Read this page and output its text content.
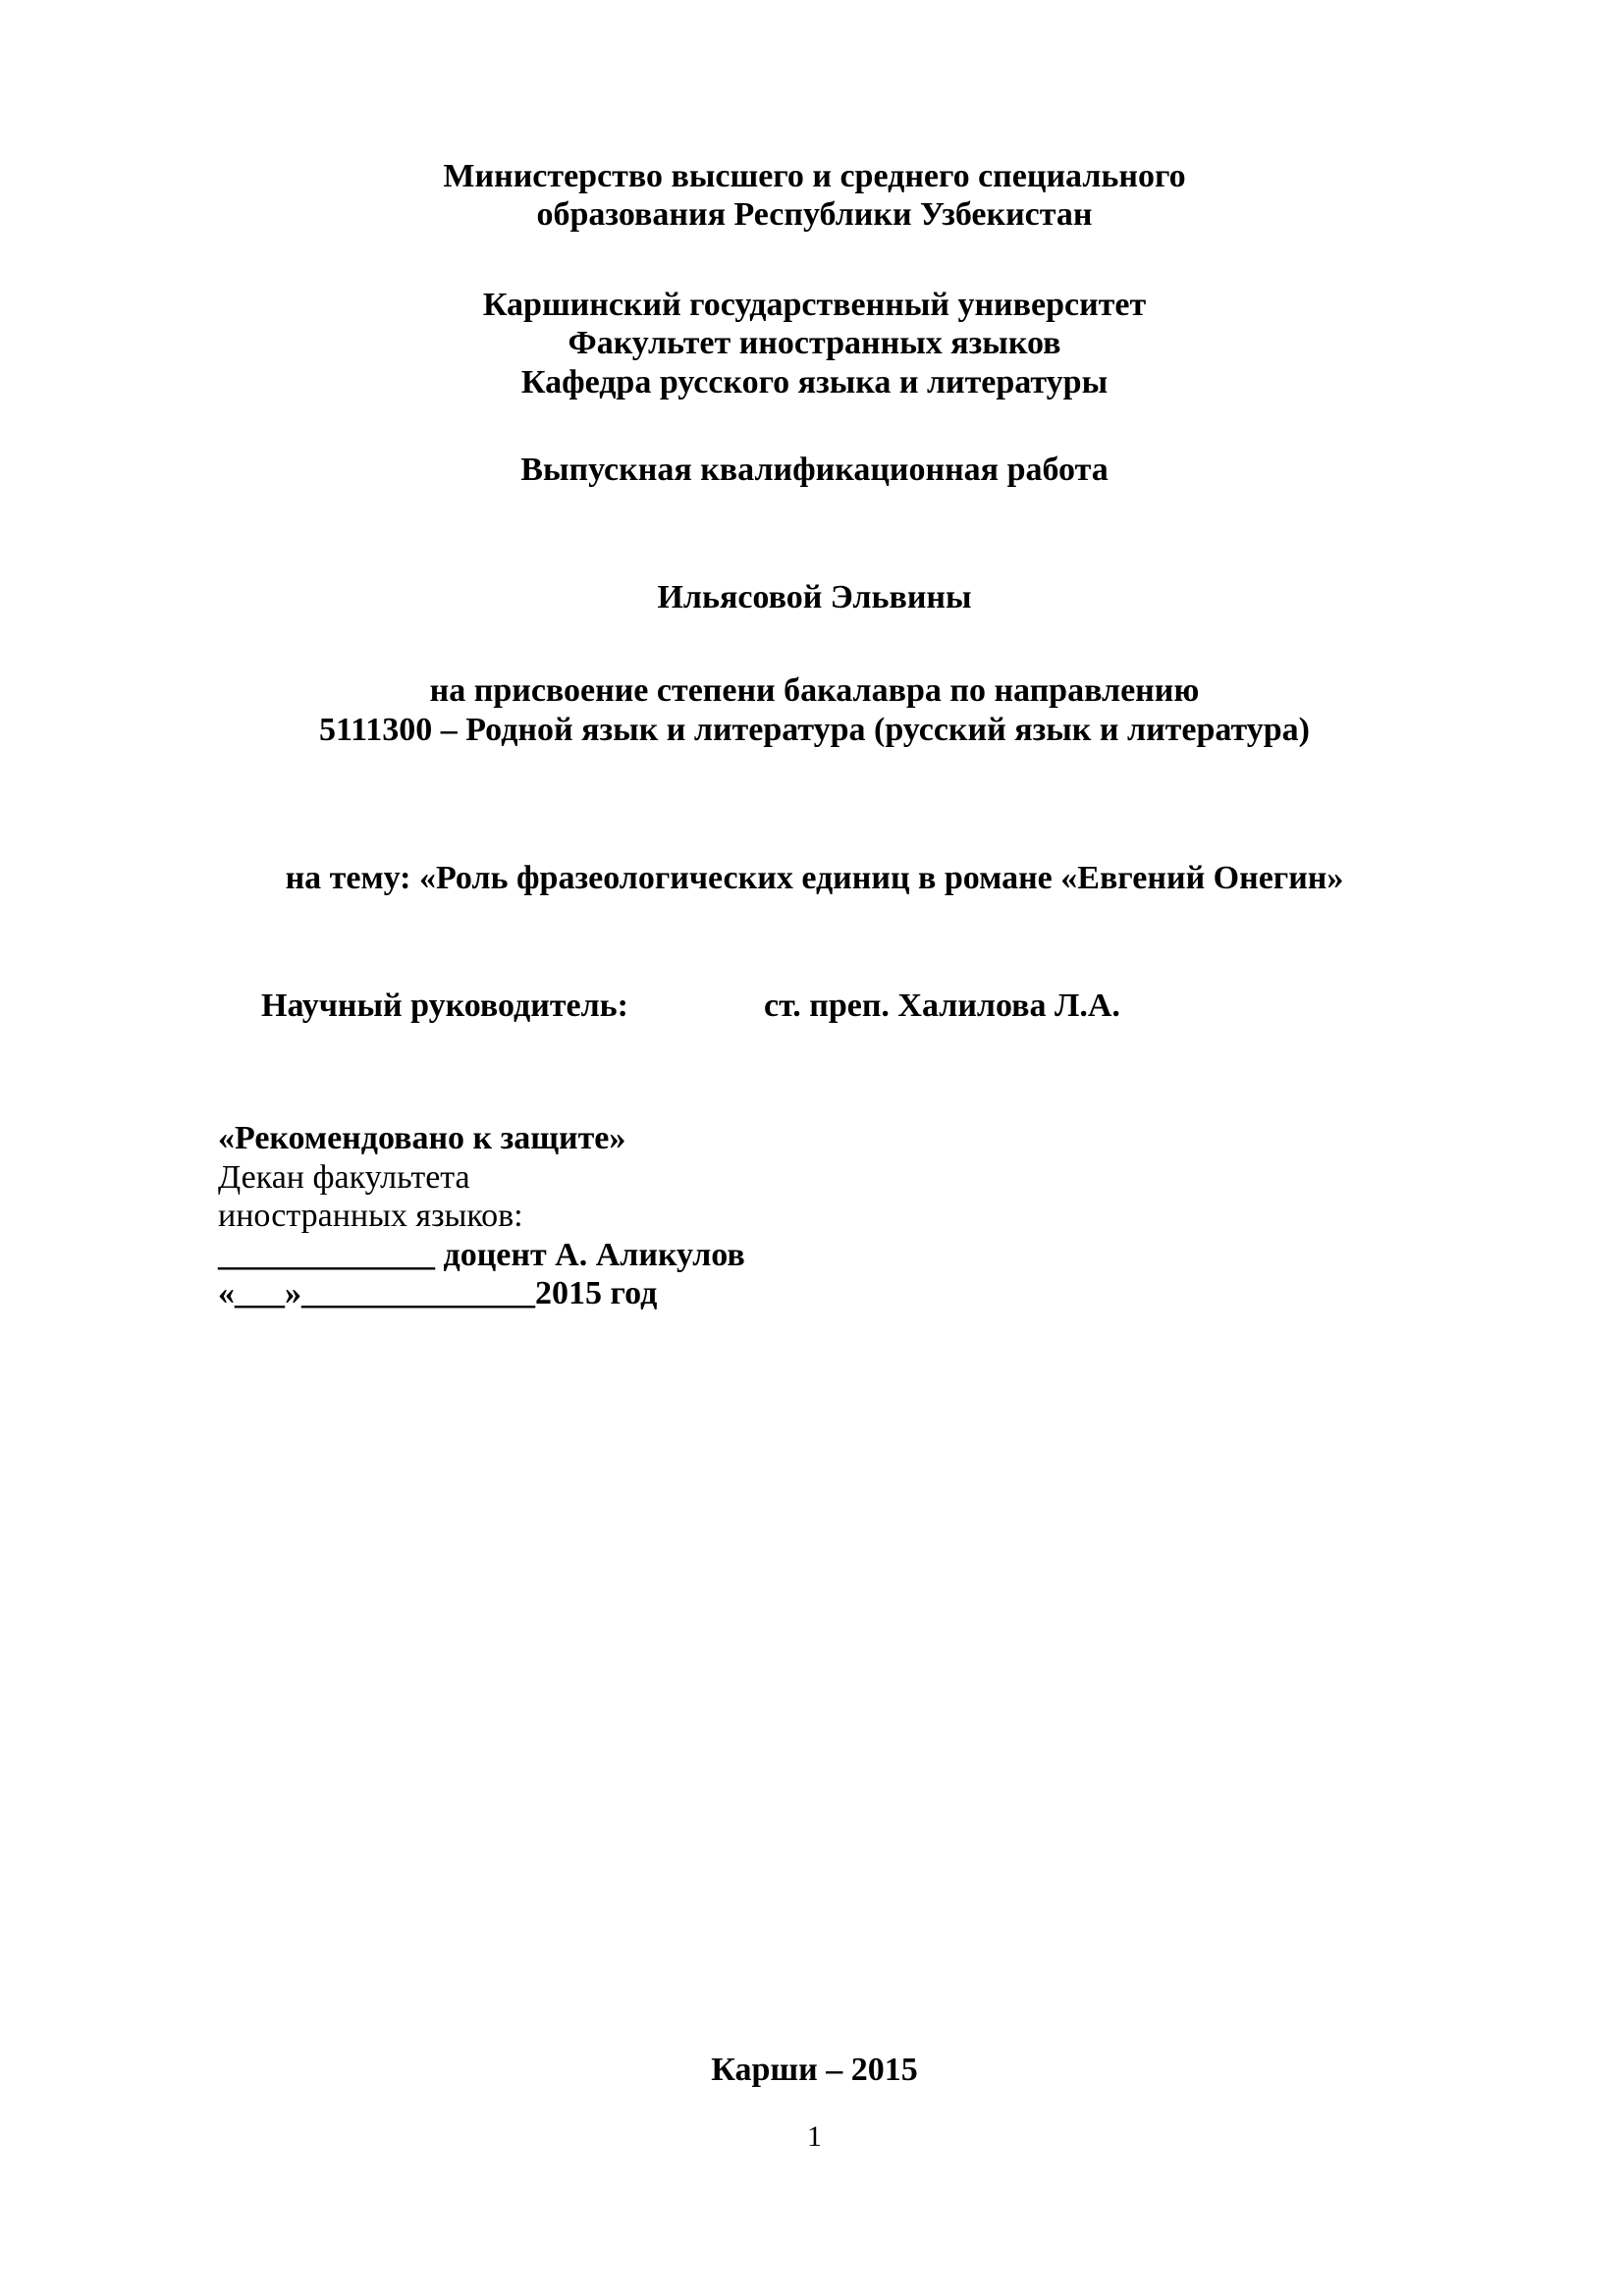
Министерство высшего и среднего специального
образования Республики Узбекистан
Каршинский государственный университет
Факультет иностранных языков
Кафедра русского языка и литературы
Выпускная квалификационная работа
Ильясовой Эльвины
на присвоение степени бакалавра по направлению
5111300 – Родной язык и литература (русский язык и литература)
на тему: «Роль фразеологических единиц в романе «Евгений Онегин»
Научный руководитель:	ст. преп. Халилова Л.А.
«Рекомендовано к защите»
Декан факультета
иностранных языков:
_____________ доцент А. Аликулов
«___»______________2015 год
Карши – 2015
1
